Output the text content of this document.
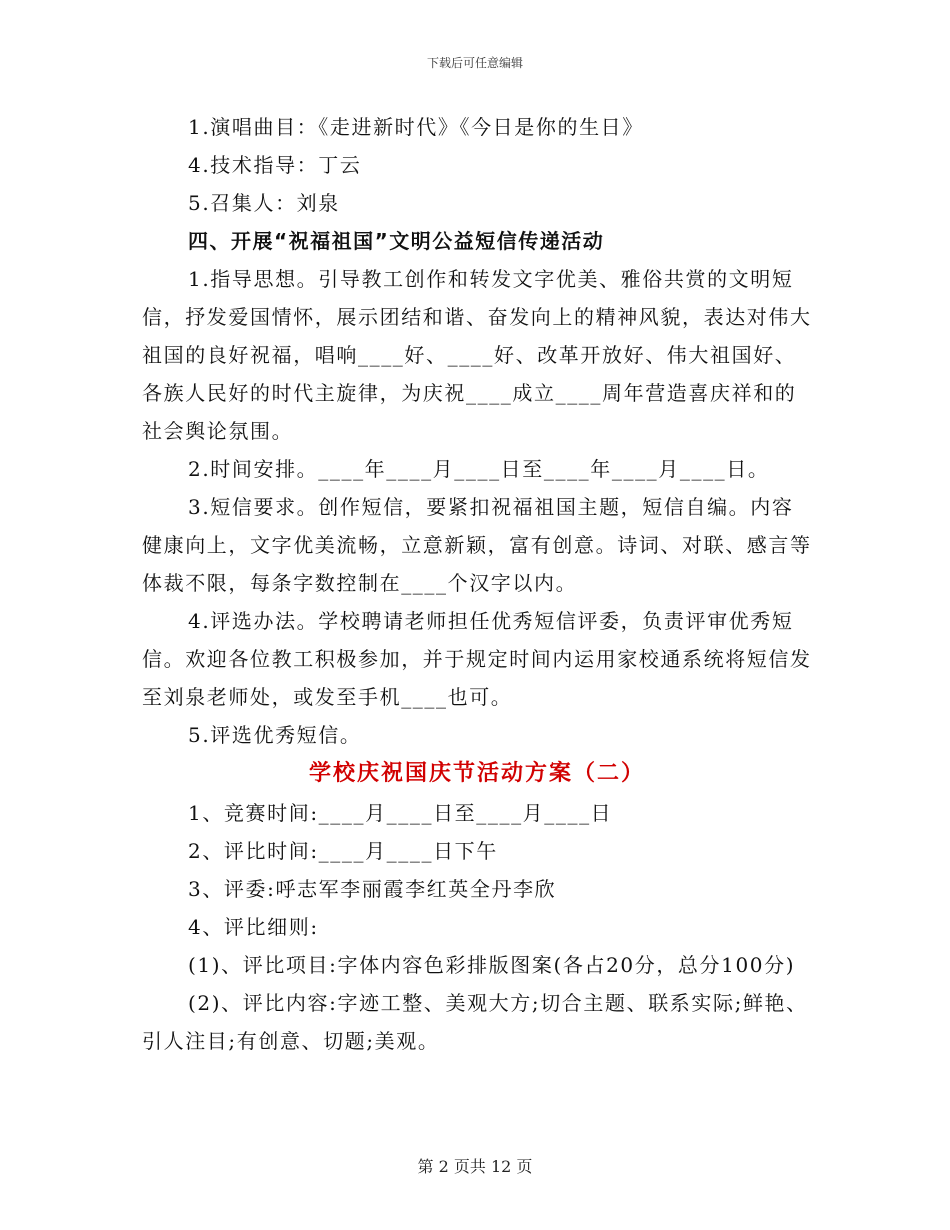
下载后可任意编辑

1.演唱曲目：《走进新时代》《今日是你的生日》

4.技术指导：丁云

5.召集人：刘泉

四、开展“祝福祖国”文明公益短信传递活动

1.指导思想。引导教工创作和转发文字优美、雅俗共赏的文明短信，抒发爱国情怀，展示团结和谐、奋发向上的精神风貌，表达对伟大祖国的良好祝福，唱响____好、____好、改革开放好、伟大祖国好、各族人民好的时代主旋律，为庆祝____成立____周年营造喜庆祥和的社会舆论氛围。

2.时间安排。____年____月____日至____年____月____日。

3.短信要求。创作短信，要紧扣祝福祖国主题，短信自编。内容健康向上，文字优美流畅，立意新颖，富有创意。诗词、对联、感言等体裁不限，每条字数控制在____个汉字以内。

4.评选办法。学校聘请老师担任优秀短信评委，负责评审优秀短信。欢迎各位教工积极参加，并于规定时间内运用家校通系统将短信发至刘泉老师处，或发至手机____也可。

5.评选优秀短信。

学校庆祝国庆节活动方案（二）

1、竞赛时间:____月____日至____月____日

2、评比时间:____月____日下午

3、评委:呼志军李丽霞李红英全丹李欣

4、评比细则:

(1)、评比项目:字体内容色彩排版图案(各占20分，总分100分)

(2)、评比内容:字迹工整、美观大方;切合主题、联系实际;鲜艳、引人注目;有创意、切题;美观。

第 2 页共 12 页
